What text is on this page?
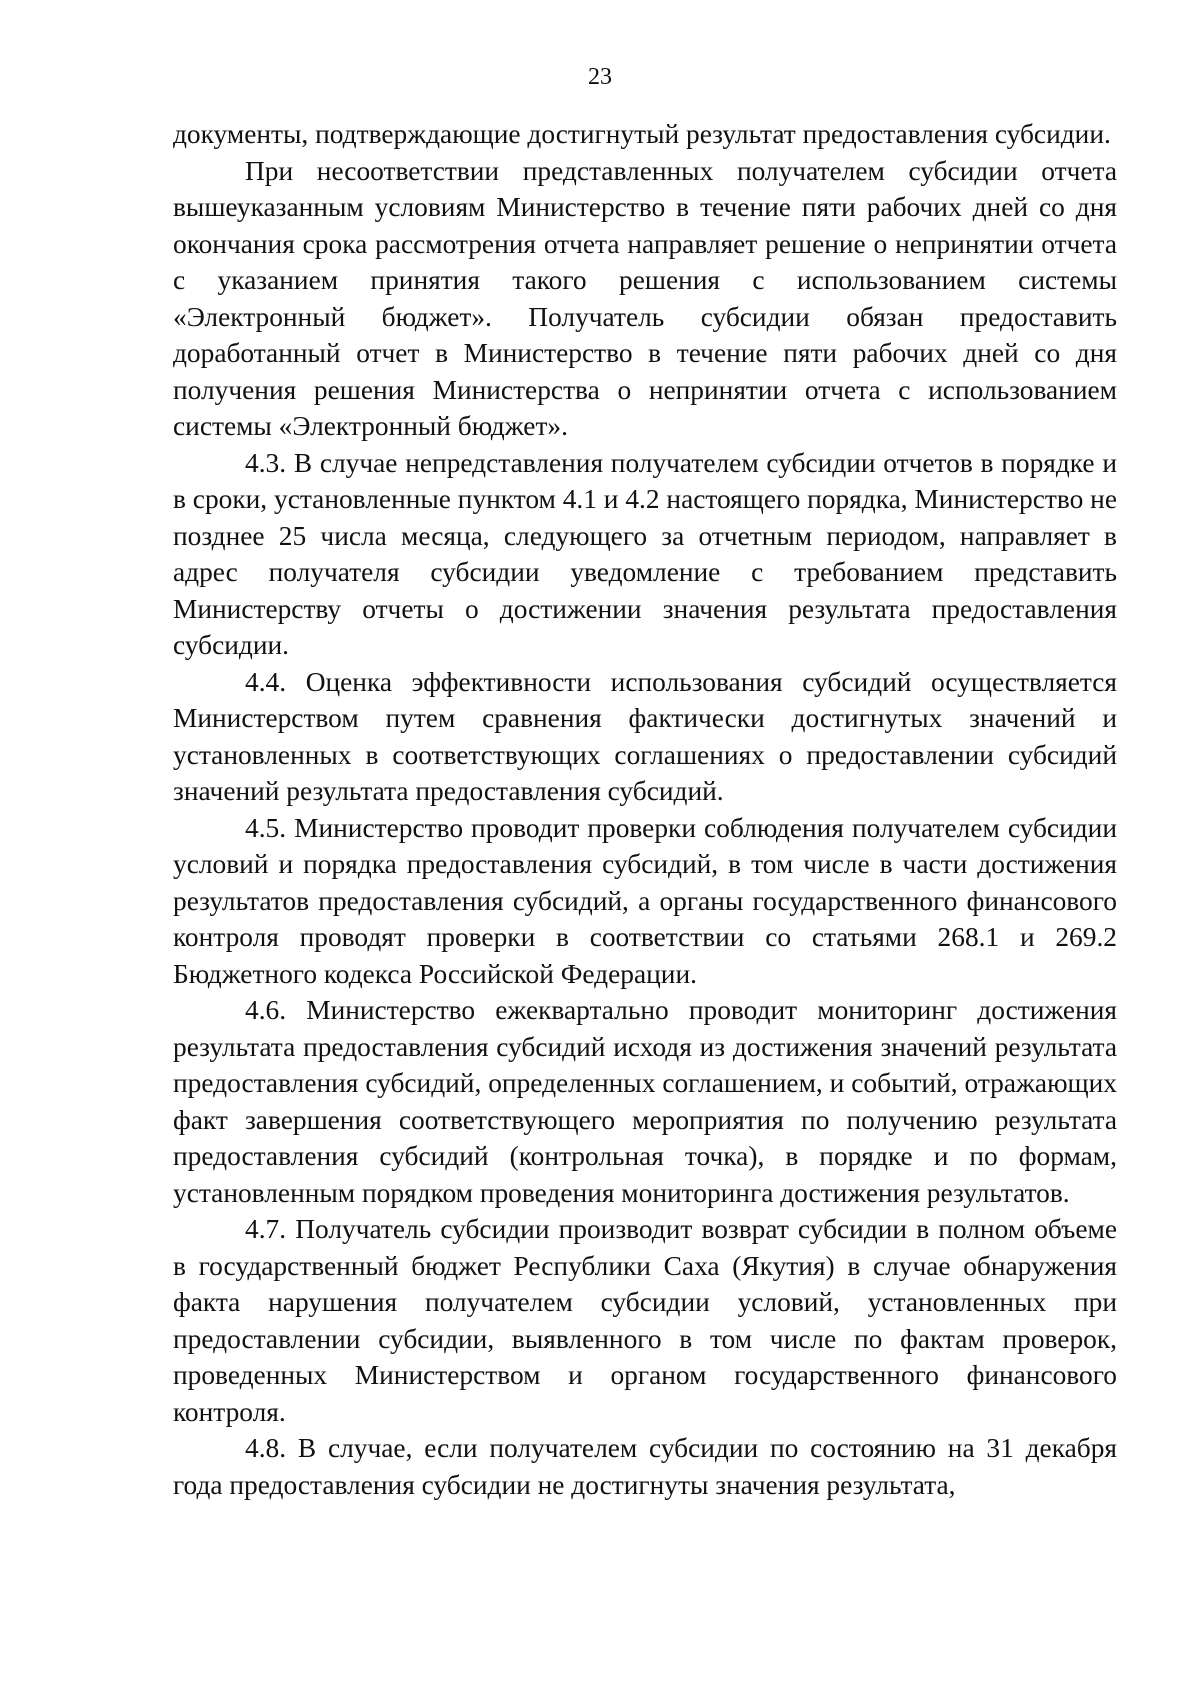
23

документы, подтверждающие достигнутый результат предоставления субсидии.

При несоответствии представленных получателем субсидии отчета вышеуказанным условиям Министерство в течение пяти рабочих дней со дня окончания срока рассмотрения отчета направляет решение о непринятии отчета с указанием принятия такого решения с использованием системы «Электронный бюджет». Получатель субсидии обязан предоставить доработанный отчет в Министерство в течение пяти рабочих дней со дня получения решения Министерства о непринятии отчета с использованием системы «Электронный бюджет».

4.3. В случае непредставления получателем субсидии отчетов в порядке и в сроки, установленные пунктом 4.1 и 4.2 настоящего порядка, Министерство не позднее 25 числа месяца, следующего за отчетным периодом, направляет в адрес получателя субсидии уведомление с требованием представить Министерству отчеты о достижении значения результата предоставления субсидии.

4.4. Оценка эффективности использования субсидий осуществляется Министерством путем сравнения фактически достигнутых значений и установленных в соответствующих соглашениях о предоставлении субсидий значений результата предоставления субсидий.

4.5. Министерство проводит проверки соблюдения получателем субсидии условий и порядка предоставления субсидий, в том числе в части достижения результатов предоставления субсидий, а органы государственного финансового контроля проводят проверки в соответствии со статьями 268.1 и 269.2 Бюджетного кодекса Российской Федерации.

4.6. Министерство ежеквартально проводит мониторинг достижения результата предоставления субсидий исходя из достижения значений результата предоставления субсидий, определенных соглашением, и событий, отражающих факт завершения соответствующего мероприятия по получению результата предоставления субсидий (контрольная точка), в порядке и по формам, установленным порядком проведения мониторинга достижения результатов.

4.7. Получатель субсидии производит возврат субсидии в полном объеме в государственный бюджет Республики Саха (Якутия) в случае обнаружения факта нарушения получателем субсидии условий, установленных при предоставлении субсидии, выявленного в том числе по фактам проверок, проведенных Министерством и органом государственного финансового контроля.

4.8. В случае, если получателем субсидии по состоянию на 31 декабря года предоставления субсидии не достигнуты значения результата,
